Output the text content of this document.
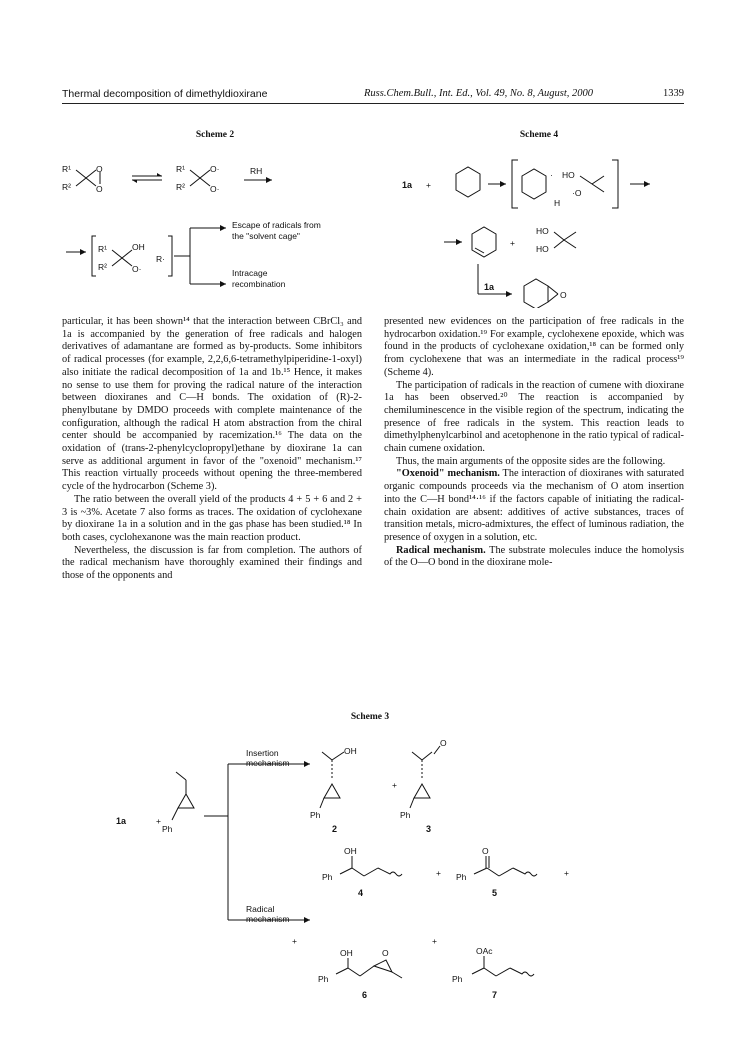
Thermal decomposition of dimethyldioxirane	Russ.Chem.Bull., Int. Ed., Vol. 49, No. 8, August, 2000	1339
Scheme 2
R¹
R²
O
O
R¹
R²
O·
O·
RH
R¹
R²
OH
O·
R·
Escape of radicals from
the "solvent cage"
Intracage
recombination
Scheme 4
1a +
· HO
·O
H
+
HO
HO
1a
O

particular, it has been shown¹⁴ that the interaction between CBrCl₃ and 1a is accompanied by the generation of free radicals and halogen derivatives of adamantane are formed as by-products. Some inhibitors of radical processes (for example, 2,2,6,6-tetramethylpiperidine-1-oxyl) also initiate the radical decomposition of 1a and 1b.¹⁵ Hence, it makes no sense to use them for proving the radical nature of the interaction between dioxiranes and C—H bonds. The oxidation of (R)-2-phenylbutane by DMDO proceeds with complete maintenance of the configuration, although the radical H atom abstraction from the chiral center should be accompanied by racemization.¹⁶ The data on the oxidation of (trans-2-phenylcyclopropyl)ethane by dioxirane 1a can serve as additional argument in favor of the "oxenoid" mechanism.¹⁷ This reaction virtually proceeds without opening the three-membered cycle of the hydrocarbon (Scheme 3).

The ratio between the overall yield of the products 4 + 5 + 6 and 2 + 3 is ~3%. Acetate 7 also forms as traces. The oxidation of cyclohexane by dioxirane 1a in a solution and in the gas phase has been studied.¹⁸ In both cases, cyclohexanone was the main reaction product.

Nevertheless, the discussion is far from completion. The authors of the radical mechanism have thoroughly examined their findings and those of the opponents and

presented new evidences on the participation of free radicals in the hydrocarbon oxidation.¹⁹ For example, cyclohexene epoxide, which was found in the products of cyclohexane oxidation,¹⁸ can be formed only from cyclohexene that was an intermediate in the radical process¹⁹ (Scheme 4).

The participation of radicals in the reaction of cumene with dioxirane 1a has been observed.²⁰ The reaction is accompanied by chemiluminescence in the visible region of the spectrum, indicating the presence of free radicals in the system. This reaction leads to dimethylphenylcarbinol and acetophenone in the ratio typical of radical-chain cumene oxidation.

Thus, the main arguments of the opposite sides are the following.

"Oxenoid" mechanism. The interaction of dioxiranes with saturated organic compounds proceeds via the mechanism of O atom insertion into the C—H bond¹⁴·¹⁶ if the factors capable of initiating the radical-chain oxidation are absent: additives of active substances, traces of transition metals, micro-admixtures, the effect of luminous radiation, the presence of oxygen in a solution, etc.

Radical mechanism. The substrate molecules induce the homolysis of the O—O bond in the dioxirane mole-

Scheme 3
1a	+
Ph
Insertion
mechanism
Radical
mechanism
OH
Ph
2
+
O
Ph
3
OH
Ph
4
+
O
Ph
5
+
+
OH	O
Ph
6
+
OAc
Ph
7
